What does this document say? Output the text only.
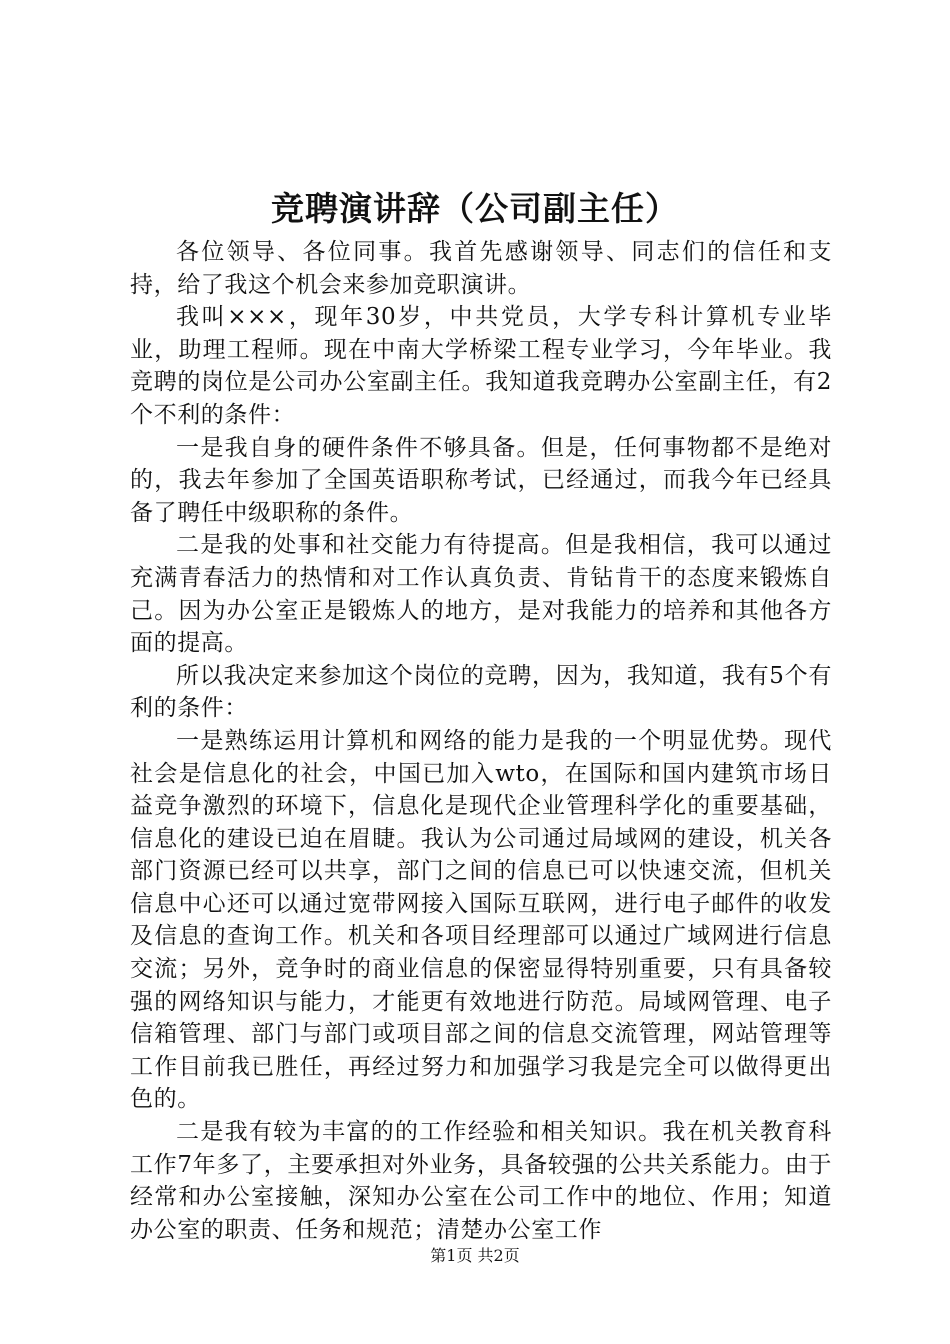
竞聘演讲辞（公司副主任）

各位领导、各位同事。我首先感谢领导、同志们的信任和支持，给了我这个机会来参加竞职演讲。

我叫×××，现年30岁，中共党员，大学专科计算机专业毕业，助理工程师。现在中南大学桥梁工程专业学习，今年毕业。我竞聘的岗位是公司办公室副主任。我知道我竞聘办公室副主任，有2个不利的条件：

一是我自身的硬件条件不够具备。但是，任何事物都不是绝对的，我去年参加了全国英语职称考试，已经通过，而我今年已经具备了聘任中级职称的条件。

二是我的处事和社交能力有待提高。但是我相信，我可以通过充满青春活力的热情和对工作认真负责、肯钻肯干的态度来锻炼自己。因为办公室正是锻炼人的地方，是对我能力的培养和其他各方面的提高。

所以我决定来参加这个岗位的竞聘，因为，我知道，我有5个有利的条件：

一是熟练运用计算机和网络的能力是我的一个明显优势。现代社会是信息化的社会，中国已加入wto，在国际和国内建筑市场日益竞争激烈的环境下，信息化是现代企业管理科学化的重要基础，信息化的建设已迫在眉睫。我认为公司通过局域网的建设，机关各部门资源已经可以共享，部门之间的信息已可以快速交流，但机关信息中心还可以通过宽带网接入国际互联网，进行电子邮件的收发及信息的查询工作。机关和各项目经理部可以通过广域网进行信息交流；另外，竞争时的商业信息的保密显得特别重要，只有具备较强的网络知识与能力，才能更有效地进行防范。局域网管理、电子信箱管理、部门与部门或项目部之间的信息交流管理，网站管理等工作目前我已胜任，再经过努力和加强学习我是完全可以做得更出色的。

二是我有较为丰富的的工作经验和相关知识。我在机关教育科工作7年多了，主要承担对外业务，具备较强的公共关系能力。由于经常和办公室接触，深知办公室在公司工作中的地位、作用；知道办公室的职责、任务和规范；清楚办公室工作

第1页 共2页
